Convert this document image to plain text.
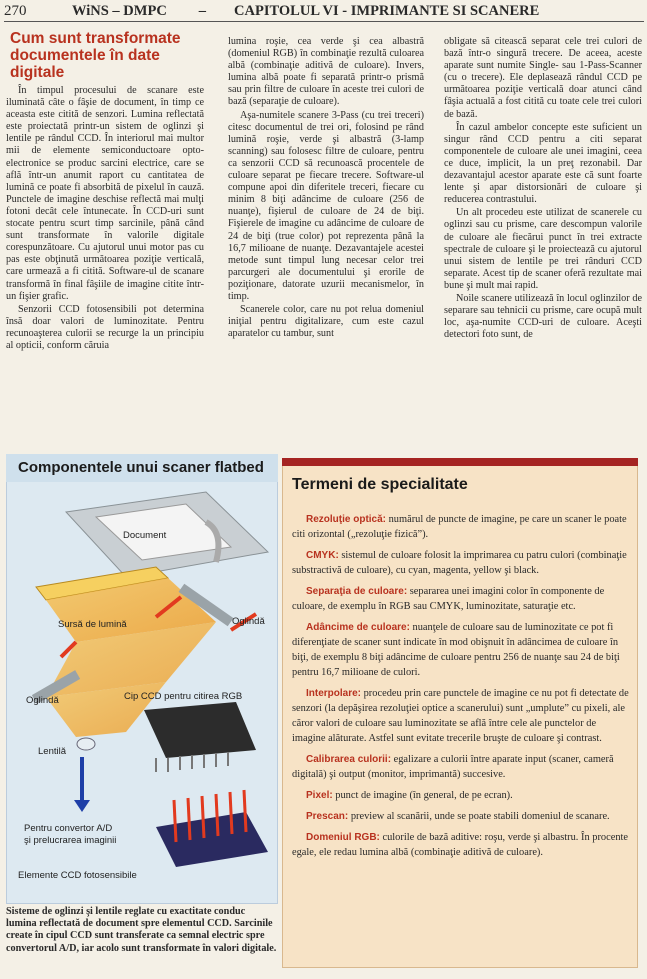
270	WiNS – DMPC – CAPITOLUL VI - IMPRIMANTE SI SCANERE
Cum sunt transformate documentele în date digitale

În timpul procesului de scanare este iluminată câte o fâşie de document, în timp ce aceasta este citită de senzori. Lumina reflectată este proiectată printr-un sistem de oglinzi şi lentile pe rândul CCD. În interiorul mai multor mii de elemente semiconductoare opto-electronice se produc sarcini electrice, care se află într-un anumit raport cu cantitatea de lumină ce poate fi absorbită de pixelul în cauză. Punctele de imagine deschise reflectă mai mulţi fotoni decât cele întunecate. În CCD-uri sunt stocate pentru scurt timp sarcinile, până când sunt transformate în valorile digitale corespunzătoare. Cu ajutorul unui motor pas cu pas este obţinută următoarea poziţie verticală, care urmează a fi citită. Software-ul de scanare transformă în final fâşiile de imagine citite într-un fişier grafic.

Senzorii CCD fotosensibili pot determina însă doar valori de luminozitate. Pentru recunoaşterea culorii se recurge la un principiu al opticii, conform căruia

lumina roşie, cea verde şi cea albastră (domeniul RGB) în combinaţie rezultă culoarea albă (combinaţie aditivă de culoare). Invers, lumina albă poate fi separată printr-o prismă sau prin filtre de culoare în aceste trei culori de bază (separaţie de culoare).

Aşa-numitele scanere 3-Pass (cu trei treceri) citesc documentul de trei ori, folosind pe rând lumină roşie, verde şi albastră (3-lamp scanning) sau folosesc filtre de culoare, pentru ca senzorii CCD să recunoască procentele de culoare separat pe fiecare trecere. Software-ul compune apoi din diferitele treceri, fiecare cu minim 8 biţi adâncime de culoare (256 de nuanţe), fişierul de culoare de 24 de biţi. Fişierele de imagine cu adâncime de culoare de 24 de biţi (true color) pot reprezenta până la 16,7 milioane de nuanţe. Dezavantajele acestei metode sunt timpul lung necesar celor trei parcurgeri ale documentului şi erorile de poziţionare, datorate uzurii mecanismelor, în timp.

Scanerele color, care nu pot reluа domeniul iniţial pentru digitalizare, cum este cazul aparatelor cu tambur, sunt

obligate să citească separat cele trei culori de bază într-o singură trecere. De aceea, aceste aparate sunt numite Single- sau 1-Pass-Scanner (cu o trecere). Ele deplasează rândul CCD pe următoarea poziţie verticală doar atunci când fâşia actuală a fost citită cu toate cele trei culori de bază.

În cazul ambelor concepte este suficient un singur rând CCD pentru a citi separat componentele de culoare ale unei imagini, ceea ce duce, implicit, la un preţ rezonabil. Dar dezavantajul acestor aparate este că sunt foarte lente şi apar distorsionări de culoare şi reducerea contrastului.

Un alt procedeu este utilizat de scanerele cu oglinzi sau cu prisme, care descompun valorile de culoare ale fiecărui punct în trei extracte spectrale de culoare şi le proiectează cu ajutorul unui sistem de lentile pe trei rânduri CCD separate. Acest tip de scaner oferă rezultate mai bune şi mult mai rapid.

Noile scanere utilizează în locul oglinzilor de separare sau tehnicii cu prisme, care ocupă mult loc, aşa-numite CCD-uri de culoare. Aceşti detectori foto sunt, de

Componentele unui scaner flatbed
Document
Sursă de lumină	Oglindă
Oglindă	Cip CCD pentru citirea RGB
Lentilă
Pentru convertor A/D
şi prelucrarea imaginii
Elemente CCD fotosensibile
Sisteme de oglinzi şi lentile reglate cu exactitate conduc lumina reflectată de document spre elementul CCD. Sarcinile create în cipul CCD sunt transferate ca semnal electric spre convertorul A/D, iar acolo sunt transformate în valori digitale.
Termeni de specialitate
Rezoluţie optică: numărul de puncte de imagine, pe care un scaner le poate citi orizontal („rezoluţie fizică”).
CMYK: sistemul de culoare folosit la imprimarea cu patru culori (combinaţie substractivă de culoare), cu cyan, magenta, yellow şi black.
Separaţia de culoare: separarea unei imagini color în componente de culoare, de exemplu în RGB sau CMYK, luminozitate, saturaţie etc.
Adâncime de culoare: nuanţele de culoare sau de luminozitate ce pot fi diferenţiate de scaner sunt indicate în mod obişnuit în adâncimea de culoare în biţi, de exemplu 8 biţi adâncime de culoare pentru 256 de nuanţe sau 24 de biţi pentru 16,7 milioane de culori.
Interpolare: procedeu prin care punctele de imagine ce nu pot fi detectate de senzori (la depăşirea rezoluţiei optice a scanerului) sunt „umplute” cu pixeli, ale căror valori de culoare sau luminozitate se află între cele ale punctelor de imagine alăturate. Astfel sunt evitate trecerile bruşte de culoare şi contrast.
Calibrarea culorii: egalizare a culorii între aparate input (scaner, cameră digitală) şi output (monitor, imprimantă) succesive.
Pixel: punct de imagine (în general, de pe ecran).
Prescan: preview al scanării, unde se poate stabili domeniul de scanare.
Domeniul RGB: culorile de bază aditive: roşu, verde şi albastru. În procente egale, ele redau lumina albă (combinaţie aditivă de culoare).
